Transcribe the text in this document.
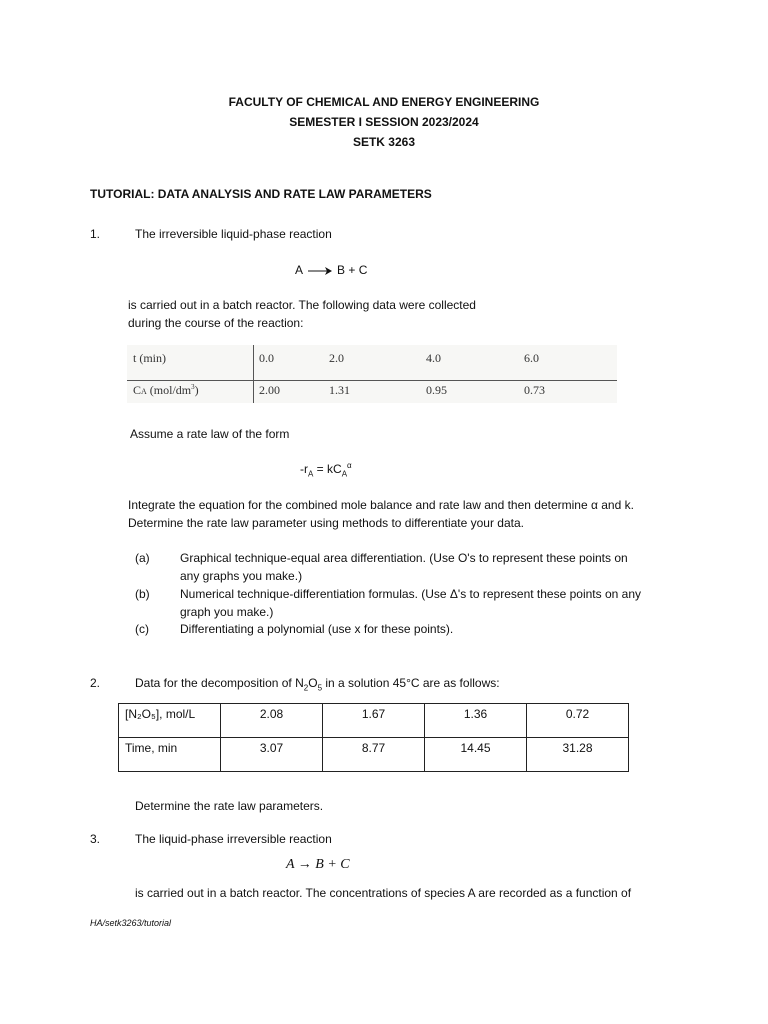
FACULTY OF CHEMICAL AND ENERGY ENGINEERING
SEMESTER I SESSION 2023/2024
SETK 3263
TUTORIAL: DATA ANALYSIS AND RATE LAW PARAMETERS
1.	The irreversible liquid-phase reaction
A → B + C
is carried out in a batch reactor. The following data were collected
during the course of the reaction:
t (min)	0.0	2.0	4.0	6.0
CA $(mol/dm^3)$	2.00	1.31	0.95	0.73
Assume a rate law of the form
$-r_A = kC_A^\alpha$
Integrate the equation for the combined mole balance and rate law and then determine α and k.
Determine the rate law parameter using methods to differentiate your data.
(a)	Graphical technique-equal area differentiation. (Use O's to represent these points on
any graphs you make.)
(b)	Numerical technique-differentiation formulas. (Use Δ's to represent these points on any
graph you make.)
(c)	Differentiating a polynomial (use x for these points).
2.	Data for the decomposition of $N_2O_5$ in a solution 45°C are as follows:
[N₂O₅], mol/L	2.08	1.67	1.36	0.72
Time, min	3.07	8.77	14.45	31.28
Determine the rate law parameters.
3.	The liquid-phase irreversible reaction
A → B + C
is carried out in a batch reactor. The concentrations of species A are recorded as a function of
HA/setk3263/tutorial
